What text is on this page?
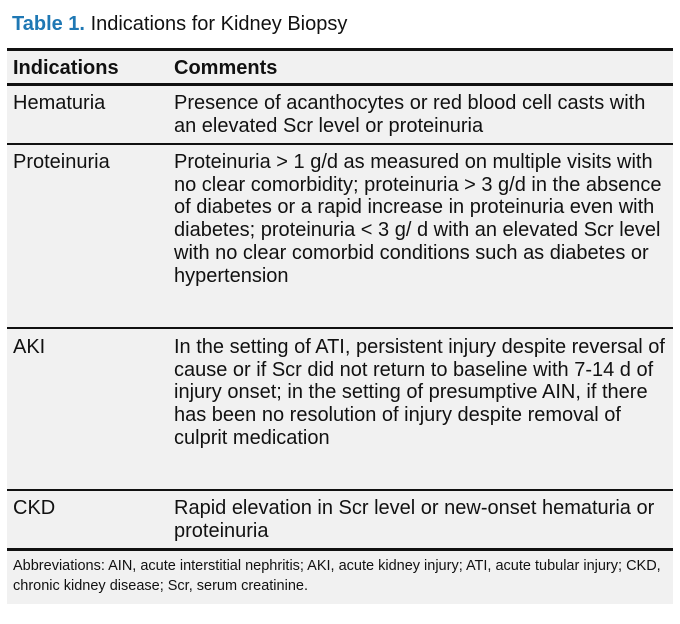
Table 1. Indications for Kidney Biopsy
Indications	Comments
Hematuria	Presence of acanthocytes or red blood cell casts with an elevated Scr level or proteinuria
Proteinuria	Proteinuria > 1 g/d as measured on multiple visits with no clear comorbidity; proteinuria > 3 g/d in the absence of diabetes or a rapid increase in proteinuria even with diabetes; proteinuria < 3 g/ d with an elevated Scr level with no clear comorbid conditions such as diabetes or hypertension
AKI	In the setting of ATI, persistent injury despite reversal of cause or if Scr did not return to baseline with 7-14 d of injury onset; in the setting of presumptive AIN, if there has been no resolution of injury despite removal of culprit medication
CKD	Rapid elevation in Scr level or new-onset hematuria or proteinuria
Abbreviations: AIN, acute interstitial nephritis; AKI, acute kidney injury; ATI, acute tubular injury; CKD, chronic kidney disease; Scr, serum creatinine.
